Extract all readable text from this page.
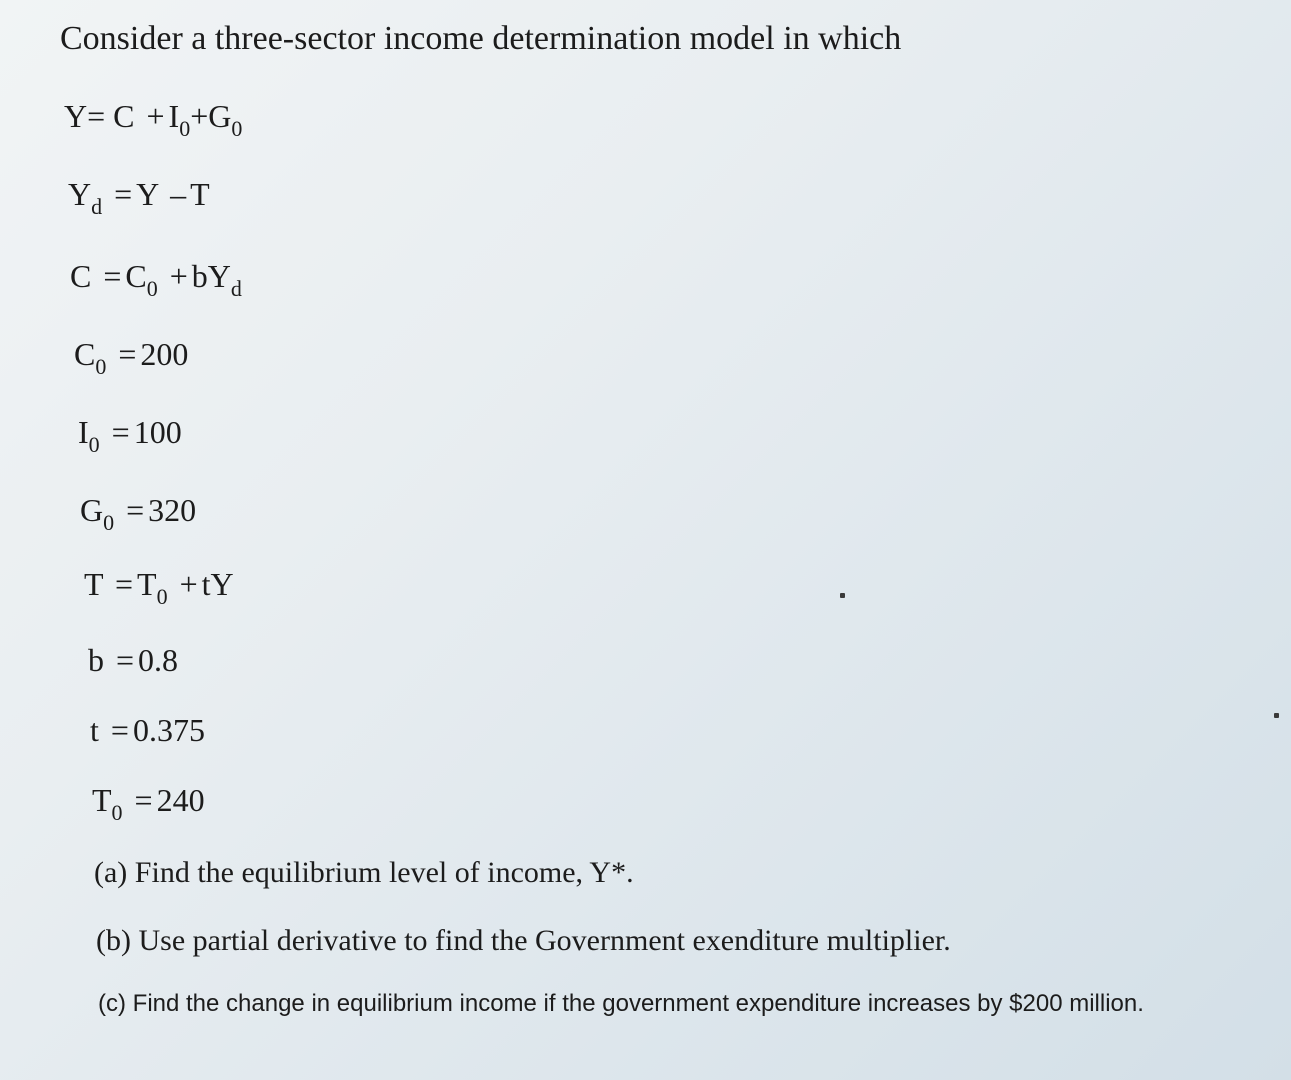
Consider a three-sector income determination model in which
$Y= C + I_0+G_0$
$Y_d = Y - T$
$C = C_0 + bY_d$
$C_0 = 200$
$I_0 = 100$
$G_0 = 320$
$T = T_0$ + tY
b = 0.8
t = 0.375
$T_0 = 240$
(a) Find the equilibrium level of income, Y*.
(b) Use partial derivative to find the Government exenditure multiplier.
(c) Find the change in equilibrium income if the government expenditure increases by $200 million.
